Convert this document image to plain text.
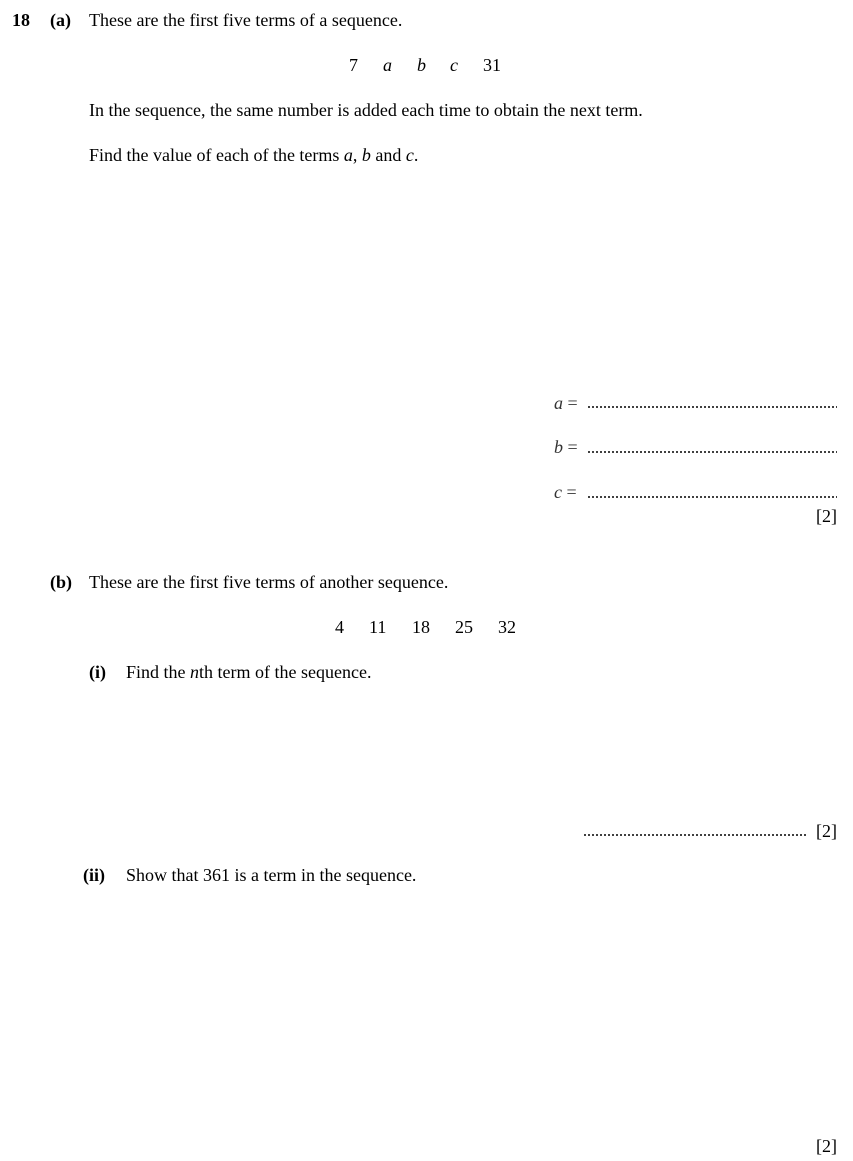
18 (a) These are the first five terms of a sequence.
7 a b c 31
In the sequence, the same number is added each time to obtain the next term.
Find the value of each of the terms a, b and c.
a =
b =
c =
[2]
(b) These are the first five terms of another sequence.
4 11 18 25 32
(i) Find the nth term of the sequence.
[2]
(ii) Show that 361 is a term in the sequence.
[2]
